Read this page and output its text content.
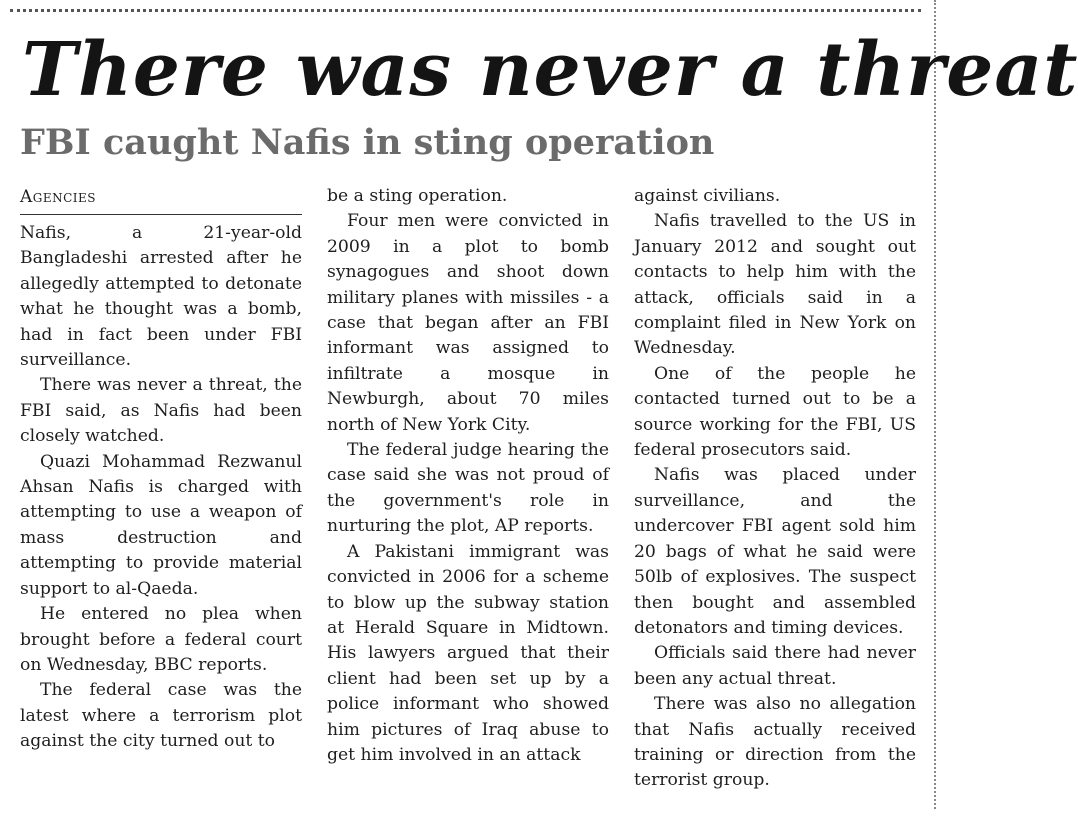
There was never a threat
FBI caught Nafis in sting operation
Agencies

Nafis, a 21-year-old Bangladeshi arrested after he allegedly attempted to detonate what he thought was a bomb, had in fact been under FBI surveillance.

There was never a threat, the FBI said, as Nafis had been closely watched.

Quazi Mohammad Rezwanul Ahsan Nafis is charged with attempting to use a weapon of mass destruction and attempting to provide material support to al-Qaeda.

He entered no plea when brought before a federal court on Wednesday, BBC reports.

The federal case was the latest where a terrorism plot against the city turned out to

be a sting operation.

Four men were convicted in 2009 in a plot to bomb synagogues and shoot down military planes with missiles - a case that began after an FBI informant was assigned to infiltrate a mosque in Newburgh, about 70 miles north of New York City.

The federal judge hearing the case said she was not proud of the government's role in nurturing the plot, AP reports.

A Pakistani immigrant was convicted in 2006 for a scheme to blow up the subway station at Herald Square in Midtown. His lawyers argued that their client had been set up by a police informant who showed him pictures of Iraq abuse to get him involved in an attack

against civilians.

Nafis travelled to the US in January 2012 and sought out contacts to help him with the attack, officials said in a complaint filed in New York on Wednesday.

One of the people he contacted turned out to be a source working for the FBI, US federal prosecutors said.

Nafis was placed under surveillance, and the undercover FBI agent sold him 20 bags of what he said were 50lb of explosives. The suspect then bought and assembled detonators and timing devices.

Officials said there had never been any actual threat.

There was also no allegation that Nafis actually received training or direction from the terrorist group.
